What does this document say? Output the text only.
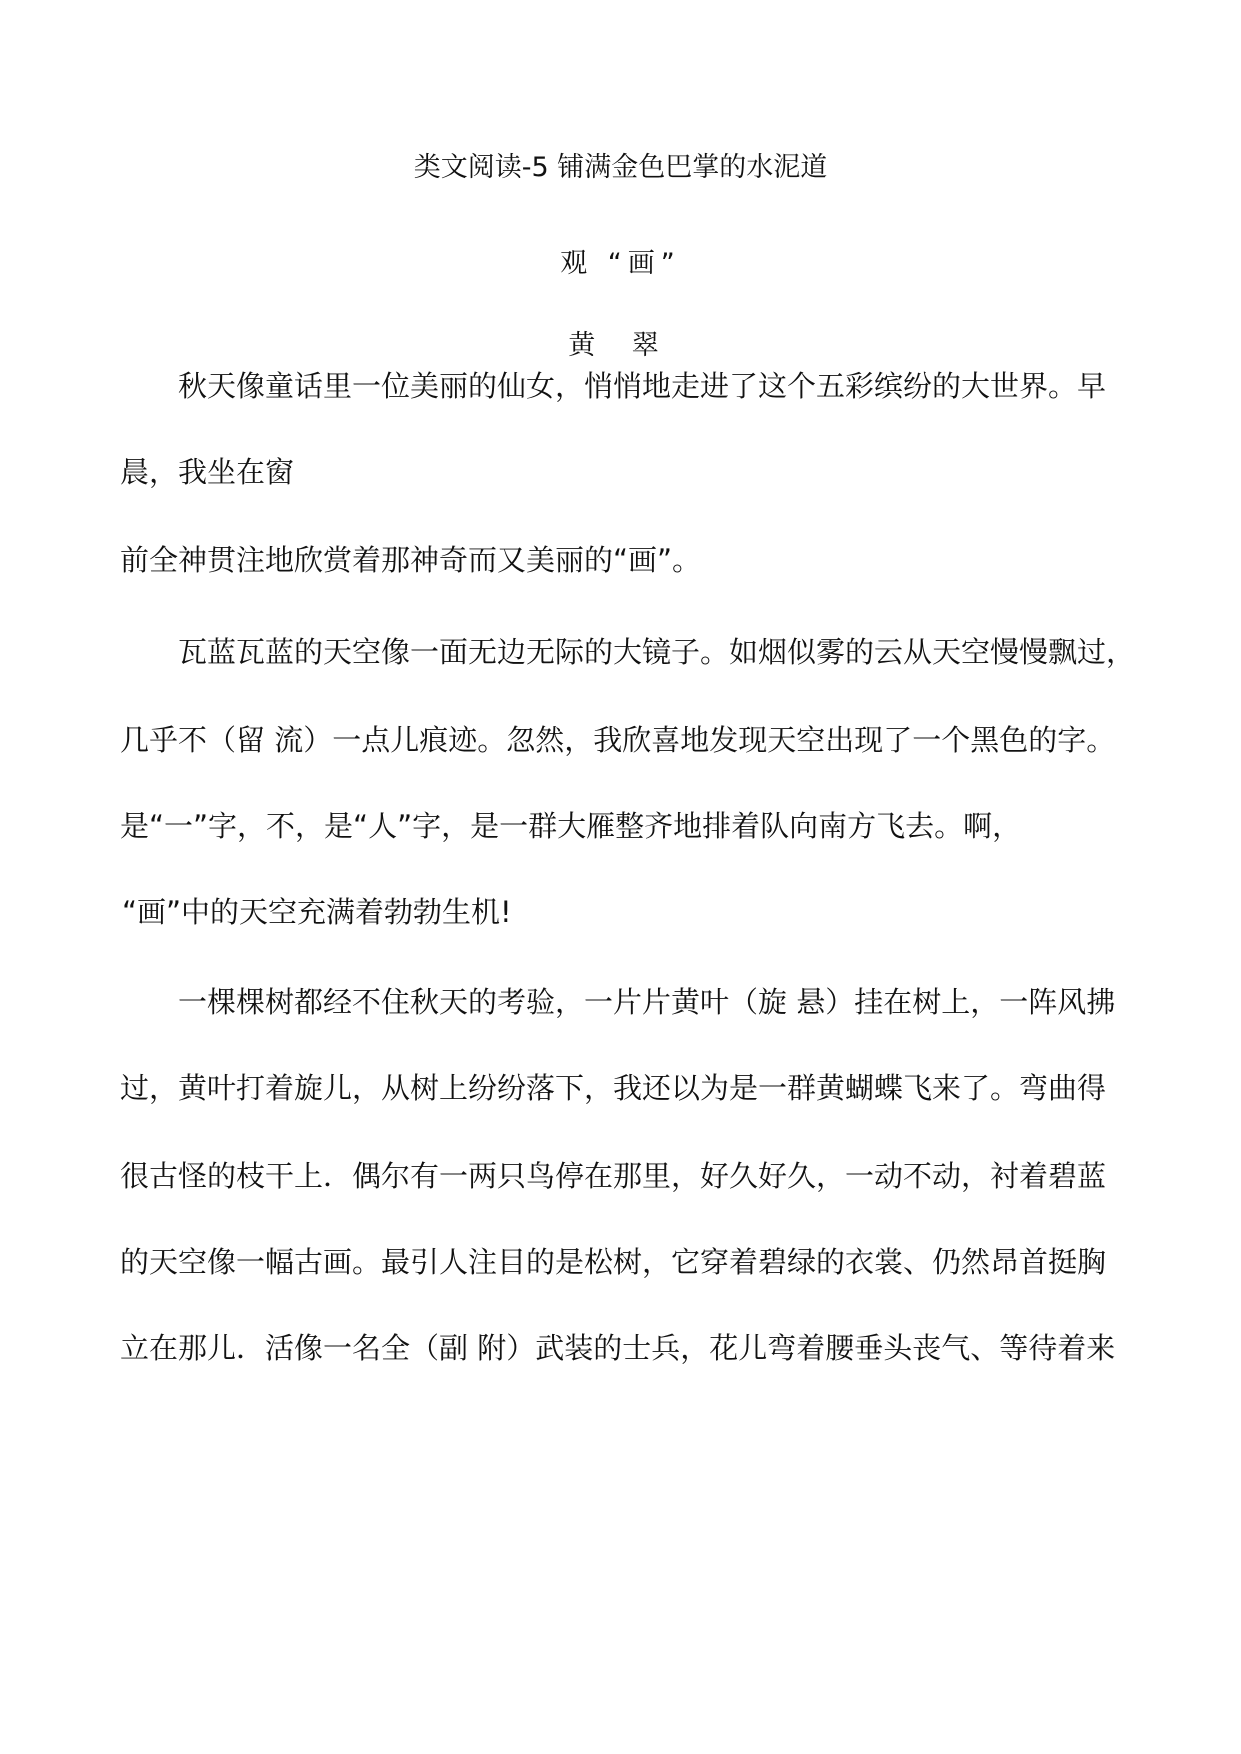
类文阅读-5 铺满金色巴掌的水泥道
观 “画”
黄 翠
　　秋天像童话里一位美丽的仙女，悄悄地走进了这个五彩缤纷的大世界。早
晨，我坐在窗
前全神贯注地欣赏着那神奇而又美丽的“画”。
　　瓦蓝瓦蓝的天空像一面无边无际的大镜子。如烟似雾的云从天空慢慢飘过，
几乎不（留 流）一点儿痕迹。忽然，我欣喜地发现天空出现了一个黑色的字。
是“一”字，不，是“人”字，是一群大雁整齐地排着队向南方飞去。啊，
“画”中的天空充满着勃勃生机!
　　一棵棵树都经不住秋天的考验，一片片黄叶（旋 悬）挂在树上，一阵风拂
过，黄叶打着旋儿，从树上纷纷落下，我还以为是一群黄蝴蝶飞来了。弯曲得
很古怪的枝干上．偶尔有一两只鸟停在那里，好久好久，一动不动，衬着碧蓝
的天空像一幅古画。最引人注目的是松树，它穿着碧绿的衣裳、仍然昂首挺胸
立在那儿．活像一名全（副 附）武装的士兵，花儿弯着腰垂头丧气、等待着来
